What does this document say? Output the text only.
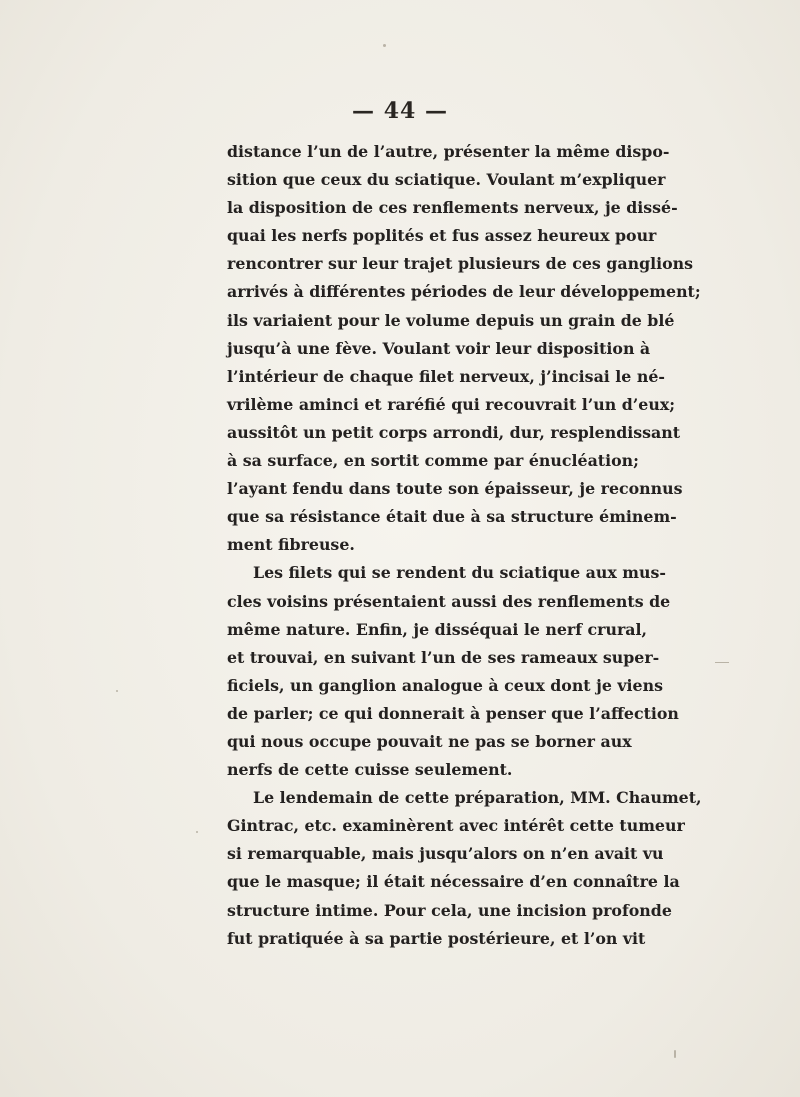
— 44 —
distance l’un de l’autre, présenter la même dispo-
sition que ceux du sciatique. Voulant m’expliquer
la disposition de ces renflements nerveux, je dissé-
quai les nerfs poplités et fus assez heureux pour
rencontrer sur leur trajet plusieurs de ces ganglions
arrivés à différentes périodes de leur développement;
ils variaient pour le volume depuis un grain de blé
jusqu’à une fève. Voulant voir leur disposition à
l’intérieur de chaque filet nerveux, j’incisai le né-
vrilème aminci et raréfié qui recouvrait l’un d’eux;
aussitôt un petit corps arrondi, dur, resplendissant
à sa surface, en sortit comme par énucléation;
l’ayant fendu dans toute son épaisseur, je reconnus
que sa résistance était due à sa structure éminem-
ment fibreuse.
Les filets qui se rendent du sciatique aux mus-
cles voisins présentaient aussi des renflements de
même nature. Enfin, je disséquai le nerf crural,
et trouvai, en suivant l’un de ses rameaux super-
ficiels, un ganglion analogue à ceux dont je viens
de parler; ce qui donnerait à penser que l’affection
qui nous occupe pouvait ne pas se borner aux
nerfs de cette cuisse seulement.
Le lendemain de cette préparation, MM. Chaumet,
Gintrac, etc. examinèrent avec intérêt cette tumeur
si remarquable, mais jusqu’alors on n’en avait vu
que le masque; il était nécessaire d’en connaître la
structure intime. Pour cela, une incision profonde
fut pratiquée à sa partie postérieure, et l’on vit
